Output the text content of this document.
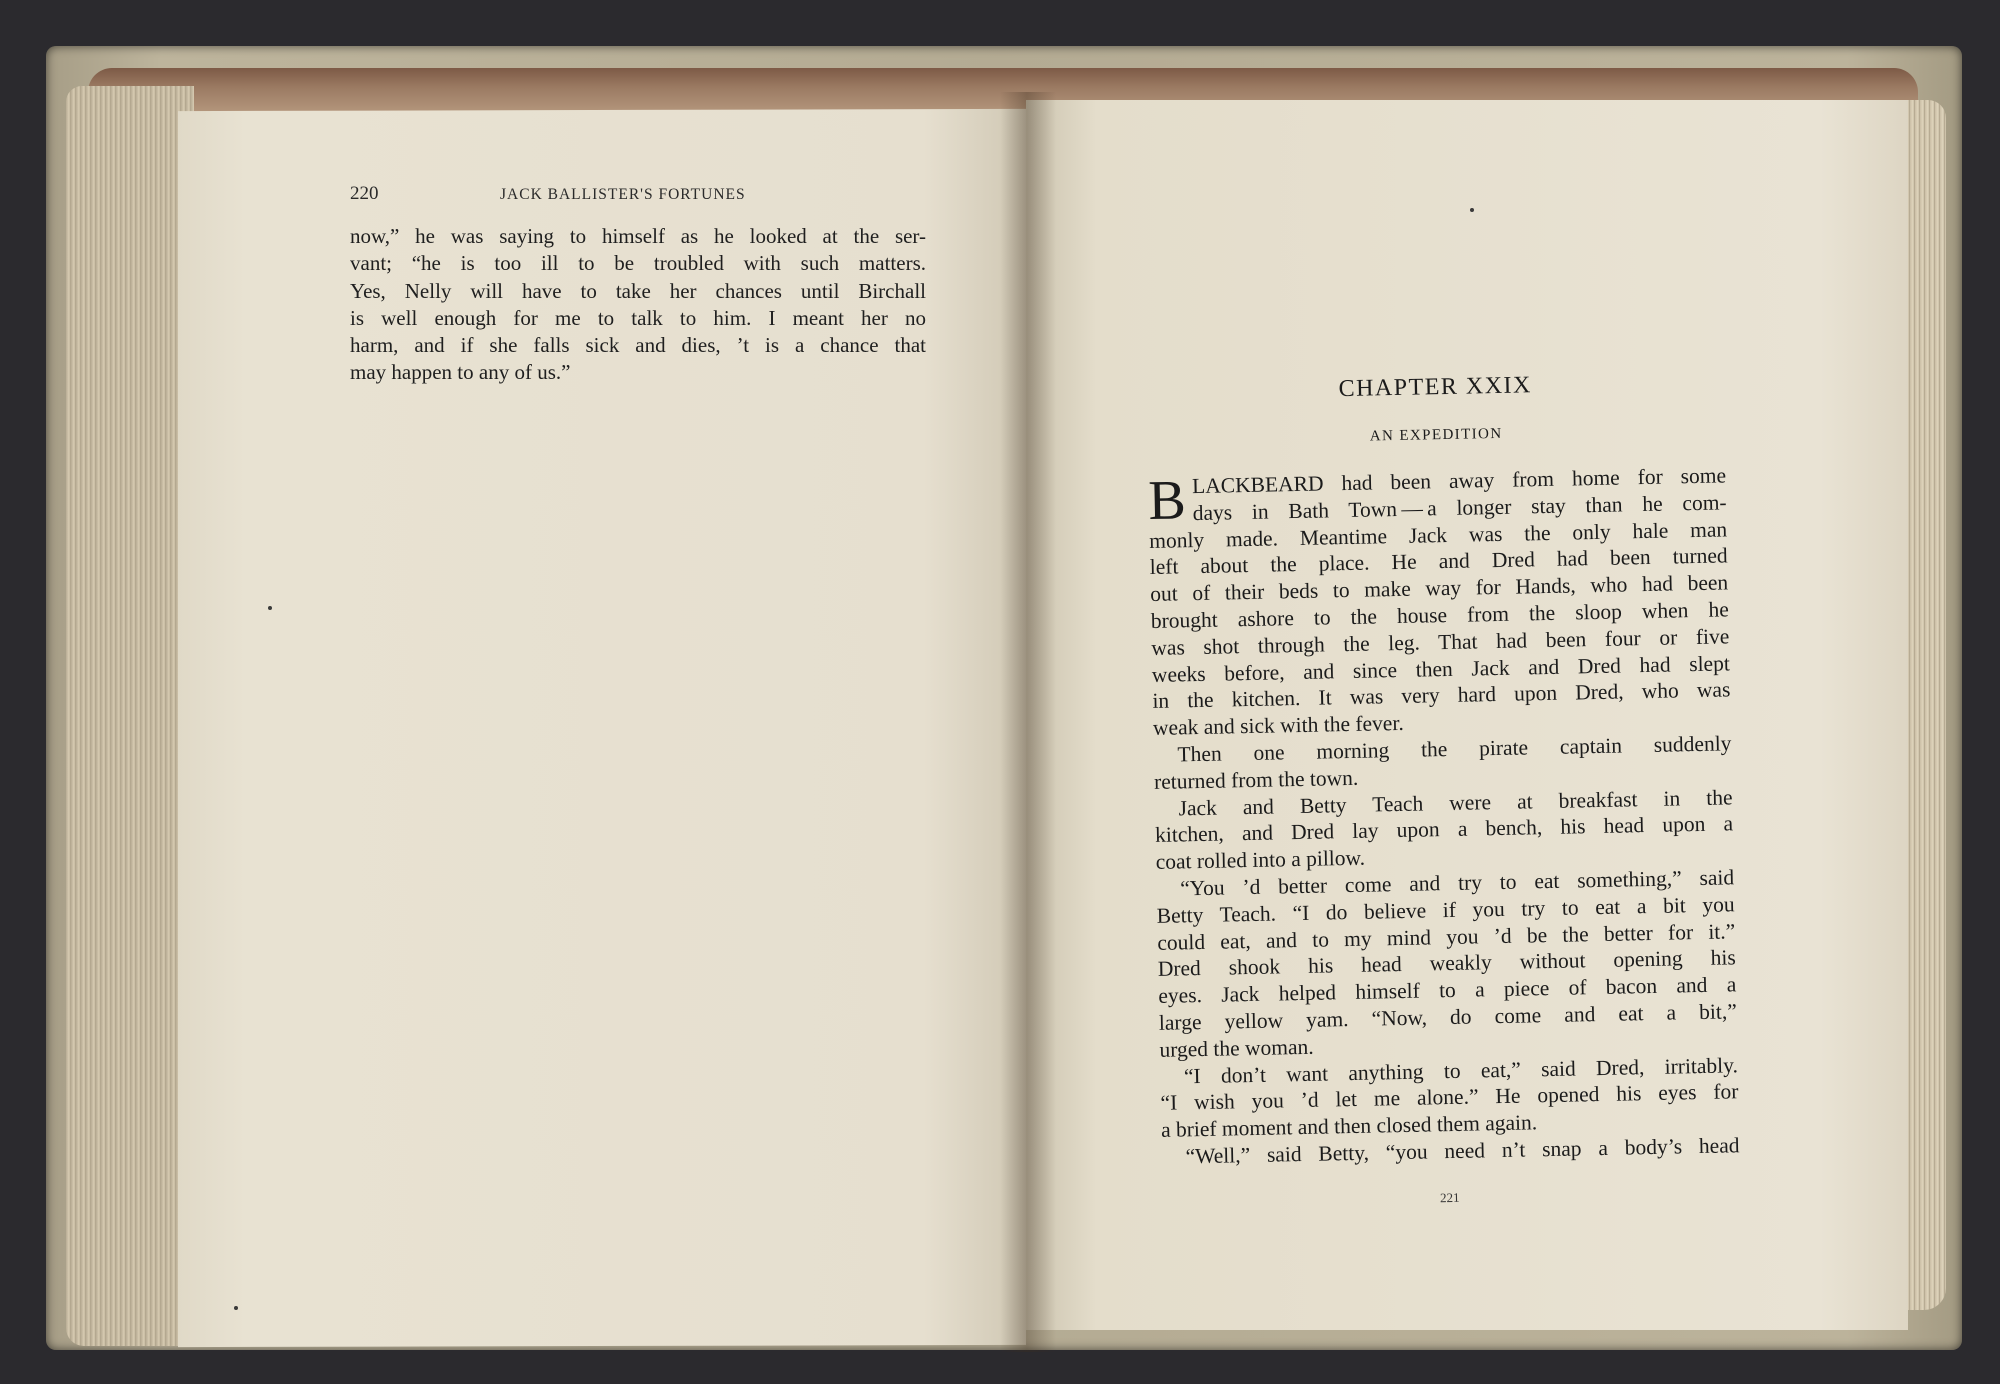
220	JACK BALLISTER'S FORTUNES
now,” he was saying to himself as he looked at the ser-
vant; “he is too ill to be troubled with such matters.
Yes, Nelly will have to take her chances until Birchall
is well enough for me to talk to him. I meant her no
harm, and if she falls sick and dies, ’t is a chance that
may happen to any of us.”	CHAPTER XXIX
AN EXPEDITION
B LACKBEARD had been away from home for some
days in Bath Town — a longer stay than he com-
monly made. Meantime Jack was the only hale man
left about the place. He and Dred had been turned
out of their beds to make way for Hands, who had been
brought ashore to the house from the sloop when he
was shot through the leg. That had been four or five
weeks before, and since then Jack and Dred had slept
in the kitchen. It was very hard upon Dred, who was
weak and sick with the fever.
Then one morning the pirate captain suddenly
returned from the town.
Jack and Betty Teach were at breakfast in the
kitchen, and Dred lay upon a bench, his head upon a
coat rolled into a pillow.
“You ’d better come and try to eat something,” said
Betty Teach. “I do believe if you try to eat a bit you
could eat, and to my mind you ’d be the better for it.”
Dred shook his head weakly without opening his
eyes. Jack helped himself to a piece of bacon and a
large yellow yam. “Now, do come and eat a bit,”
urged the woman.
“I don’t want anything to eat,” said Dred, irritably.
“I wish you ’d let me alone.” He opened his eyes for
a brief moment and then closed them again.
“Well,” said Betty, “you need n’t snap a body’s head
221
